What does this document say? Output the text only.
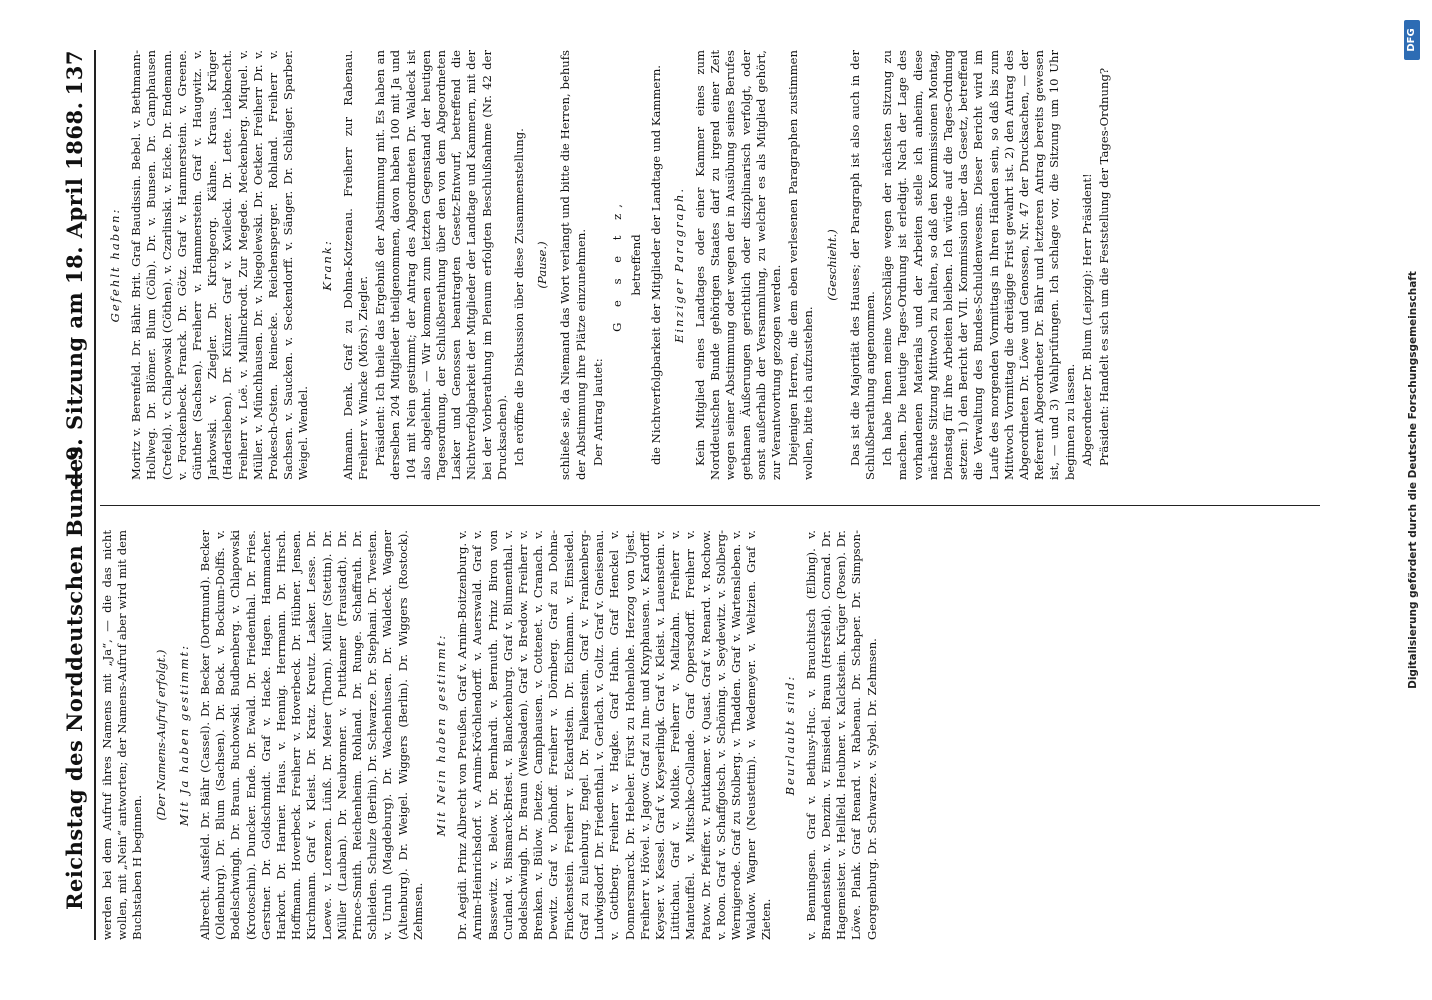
Reichstag des Norddeutschen Bundes.
— 9. Sitzung am 18. April 1868.
137

werden bei dem Aufruf ihres Namens mit „Ja“, — die das nicht wollen, mit „Nein“ antworten; der Namens-Aufruf aber wird mit dem Buchstaben H beginnen.

(Der Namens-Aufruf erfolgt.) Mit Ja haben gestimmt: Albrecht. Ausfeld. Dr. Bähr (Cassel). Dr. Becker (Dortmund). Becker (Oldenburg). Dr. Blum (Sachsen). Dr. Bock. v. Bockum-Dolffs. v. Bodelschwingh. Dr. Braun. Buchowski. Budbenberg. v. Chlapowski (Krotoschin). Duncker. Ende. Dr. Ewald. Dr. Friedenthal. Dr. Fries. Gerstner. Dr. Goldschmidt. Graf v. Hacke. Hagen. Hammacher. Harkort. Dr. Harnier. Haus. v. Hennig. Herrmann. Dr. Hirsch. Hoffmann. Hoverbeck. Freiherr v. Hoverbeck. Dr. Hübner. Jensen. Kirchmann. Graf v. Kleist. Dr. Kratz. Kreutz. Lasker. Lesse. Dr. Loewe. v. Lorenzen. Lünß. Dr. Meier (Thorn). Müller (Stettin). Dr. Müller (Lauban). Dr. Neubronner. v. Puttkamer (Fraustadt). Dr. Prince-Smith. Reichenheim. Rohland. Dr. Runge. Schaffrath. Dr. Schleiden. Schulze (Berlin). Dr. Schwarze. Dr. Stephani. Dr. Twesten. v. Unruh (Magdeburg). Dr. Wachenhusen. Dr. Waldeck. Wagner (Altenburg). Dr. Weigel. Wiggers (Berlin). Dr. Wiggers (Rostock). Zehmsen.

Mit Nein haben gestimmt: Dr. Aegidi. Prinz Albrecht von Preußen. Graf v. Arnim-Boitzenburg. v. Arnim-Heinrichsdorf. v. Arnim-Kröchlendorff. v. Auerswald. Graf v. Bassewitz. v. Below. Dr. Bernhardi. v. Bernuth. Prinz Biron von Curland. v. Bismarck-Briest. v. Blanckenburg. Graf v. Blumenthal. v. Bodelschwingh. Dr. Braun (Wiesbaden). Graf v. Bredow. Freiherr v. Brenken. v. Bülow. Dietze. Camphausen. v. Cottenet. v. Cranach. v. Dewitz. Graf v. Dönhoff. Freiherr v. Dörnberg. Graf zu Dohna-Finckenstein. Freiherr v. Eckardstein. Dr. Eichmann. v. Einsiedel. Graf zu Eulenburg. Engel. Dr. Falkenstein. Graf v. Frankenberg-Ludwigsdorf. Dr. Friedenthal. v. Gerlach. v. Goltz. Graf v. Gneisenau. v. Gottberg. Freiherr v. Hagke. Graf Hahn. Graf Henckel v. Donnersmarck. Dr. Hebeler. Fürst zu Hohenlohe. Herzog von Ujest. Freiherr v. Hövel. v. Jagow. Graf zu Inn- und Knyphausen. v. Kardorff. Keyser. v. Kessel. Graf v. Keyserlingk. Graf v. Kleist. v. Lauenstein. v. Lüttichau. Graf v. Moltke. Freiherr v. Maltzahn. Freiherr v. Manteuffel. v. Mitschke-Collande. Graf Oppersdorff. Freiherr v. Patow. Dr. Pfeiffer. v. Puttkamer. v. Quast. Graf v. Renard. v. Rochow. v. Roon. Graf v. Schaffgotsch. v. Schöning. v. Seydewitz. v. Stolberg-Wernigerode. Graf zu Stolberg. v. Thadden. Graf v. Wartensleben. v. Waldow. Wagner (Neustettin). v. Wedemeyer. v. Weltzien. Graf v. Zieten.

Beurlaubt sind: v. Benningsen. Graf v. Bethusy-Huc. v. Brauchitsch (Elbing). v. Brandenstein. v. Denzin. v. Einsiedel. Braun (Hersfeld). Conrad. Dr. Hagemeister. v. Hellfeld. Heubner. v. Kalckstein. Krüger (Posen). Dr. Löwe. Plank. Graf Renard. v. Rabenau. Dr. Schaper. Dr. Simpson-Georgenburg. Dr. Schwarze. v. Sybel. Dr. Zehmsen.

Gefehlt haben: Moritz v. Berenfeld. Dr. Bähr. Brit. Graf Baudissin. Bebel. v. Bethmann-Hollweg. Dr. Blömer. Blum (Cöln). Dr. v. Bunsen. Dr. Camphausen (Crefeld). v. Chlapowski (Cöthen). v. Czarlinski. v. Eicke. Dr. Endemann. v. Forckenbeck. Franck. Dr. Götz. Graf v. Hammerstein. v. Greene. Günther (Sachsen). Freiherr v. Hammerstein. Graf v. Haugwitz. v. Jarkowski. v. Ziegler. Dr. Kirchgeorg. Kähne. Kraus. Krüger (Hadersleben). Dr. Künzer. Graf v. Kwilecki. Dr. Lette. Liebknecht. Freiherr v. Loë. v. Mallinckrodt. Zur Megede. Meckenberg. Miquel. v. Müller. v. Münchhausen. Dr. v. Niegolewski. Dr. Oetker. Freiherr Dr. v. Prokesch-Osten. Reinecke. Reichensperger. Rohland. Freiherr v. Sachsen. v. Saucken. v. Seckendorff. v. Sänger. Dr. Schläger. Sparber. Weigel. Wendel.

Krank: Ahmann. Denk. Graf zu Dohna-Kotzenau. Freiherr zur Rabenau. Freiherr v. Wincke (Mörs). Ziegler. Präsident: Ich theile das Ergebniß der Abstimmung mit. Es haben an derselben 204 Mitglieder theilgenommen, davon haben 100 mit Ja und 104 mit Nein gestimmt; der Antrag des Abgeordneten Dr. Waldeck ist also abgelehnt. — Wir kommen zum letzten Gegenstand der heutigen Tagesordnung, der Schlußberathung über den von dem Abgeordneten Lasker und Genossen beantragten Gesetz-Entwurf, betreffend die Nichtverfolgbarkeit der Mitglieder der Landtage und Kammern, mit der bei der Vorberathung im Plenum erfolgten Beschlußnahme (Nr. 42 der Drucksachen). Ich eröffne die Diskussion über diese Zusammenstellung. (Pause.) schließe sie, da Niemand das Wort verlangt und bitte die Herren, behufs der Abstimmung ihre Plätze einzunehmen. Der Antrag lautet:

G e s e t z, betreffend die Nichtverfolgbarkeit der Mitglieder der Landtage und Kammern. Einziger Paragraph. Kein Mitglied eines Landtages oder einer Kammer eines zum Norddeutschen Bunde gehörigen Staates darf zu irgend einer Zeit wegen seiner Abstimmung oder wegen der in Ausübung seines Berufes gethanen Äußerungen gerichtlich oder disziplinarisch verfolgt, oder sonst außerhalb der Versammlung, zu welcher es als Mitglied gehört, zur Verantwortung gezogen werden. Diejenigen Herren, die dem eben verlesenen Paragraphen zustimmen wollen, bitte ich aufzustehen.

(Geschieht.) Das ist die Majorität des Hauses; der Paragraph ist also auch in der Schlußberathung angenommen. Ich habe Ihnen meine Vorschläge wegen der nächsten Sitzung zu machen. Die heutige Tages-Ordnung ist erledigt. Nach der Lage des vorhandenen Materials und der Arbeiten stelle ich anheim, diese nächste Sitzung Mittwoch zu halten, so daß den Kommissionen Montag, Dienstag für ihre Arbeiten bleiben. Ich würde auf die Tages-Ordnung setzen: 1) den Bericht der VII. Kommission über das Gesetz, betreffend die Verwaltung des Bundes-Schuldenwesens. Dieser Bericht wird im Laufe des morgenden Vormittags in Ihren Händen sein, so daß bis zum Mittwoch Vormittag die dreitägige Frist gewahrt ist. 2) den Antrag des Abgeordneten Dr. Löwe und Genossen, Nr. 47 der Drucksachen, — der Referent Abgeordneter Dr. Bähr und letzteren Antrag bereits gewesen ist, — und 3) Wahlprüfungen. Ich schlage vor, die Sitzung um 10 Uhr beginnen zu lassen. Abgeordneter Dr. Blum (Leipzig): Herr Präsident! Präsident: Handelt es sich um die Feststellung der Tages-Ordnung?

Digitalisierung gefördert durch die Deutsche Forschungsgemeinschaft
DFG
